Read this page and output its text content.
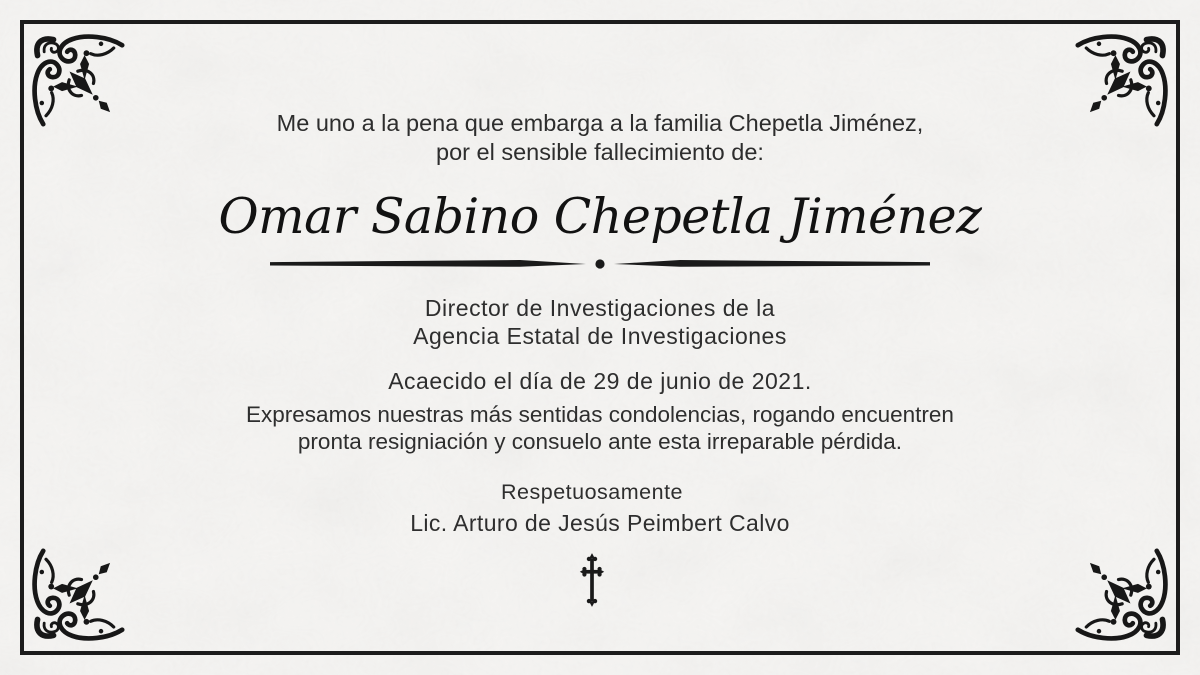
Me uno a la pena que embarga a la familia Chepetla Jiménez,
por el sensible fallecimiento de:

Omar Sabino Chepetla Jiménez

Director de Investigaciones de la
Agencia Estatal de Investigaciones

Acaecido el día de 29 de junio de 2021.

Expresamos nuestras más sentidas condolencias, rogando encuentren
pronta resigniación y consuelo ante esta irreparable pérdida.

Respetuosamente

Lic. Arturo de Jesús Peimbert Calvo
